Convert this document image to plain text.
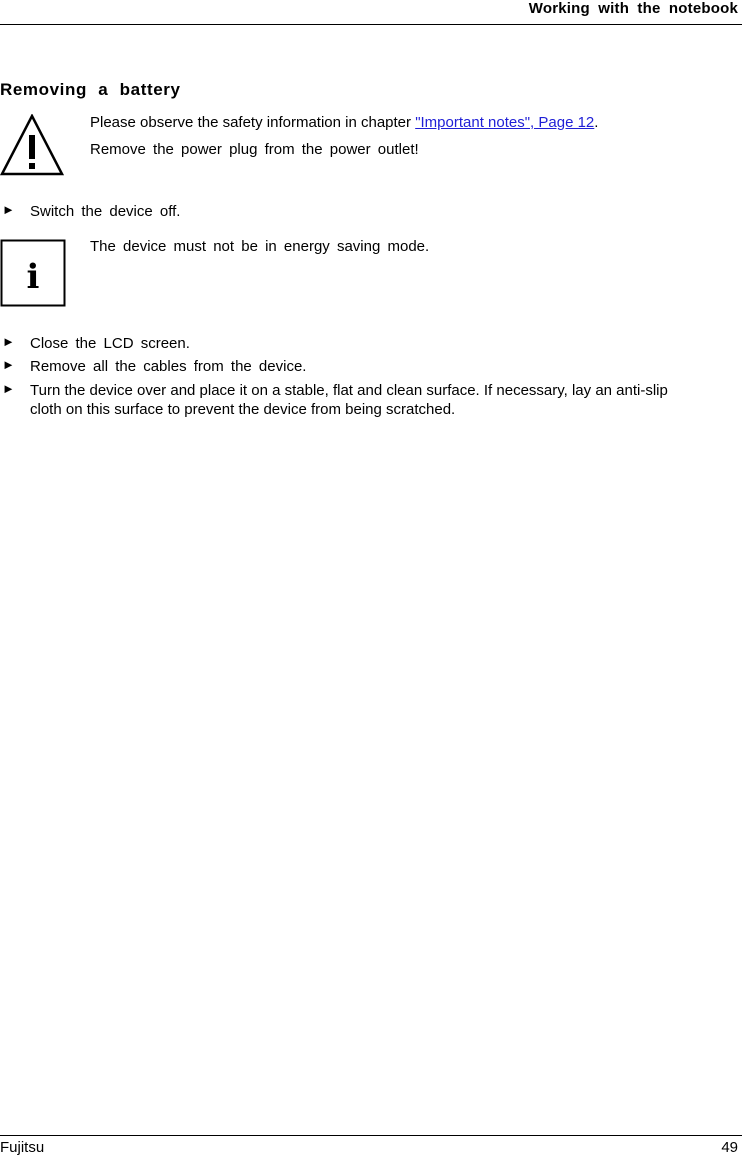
Working with the notebook
Removing a battery
Please observe the safety information in chapter "Important notes", Page 12.
Remove the power plug from the power outlet!
► Switch the device off.
i
The device must not be in energy saving mode.
► Close the LCD screen.
► Remove all the cables from the device.
► Turn the device over and place it on a stable, flat and clean surface. If necessary, lay an anti-slip cloth on this surface to prevent the device from being scratched.
Fujitsu	49
